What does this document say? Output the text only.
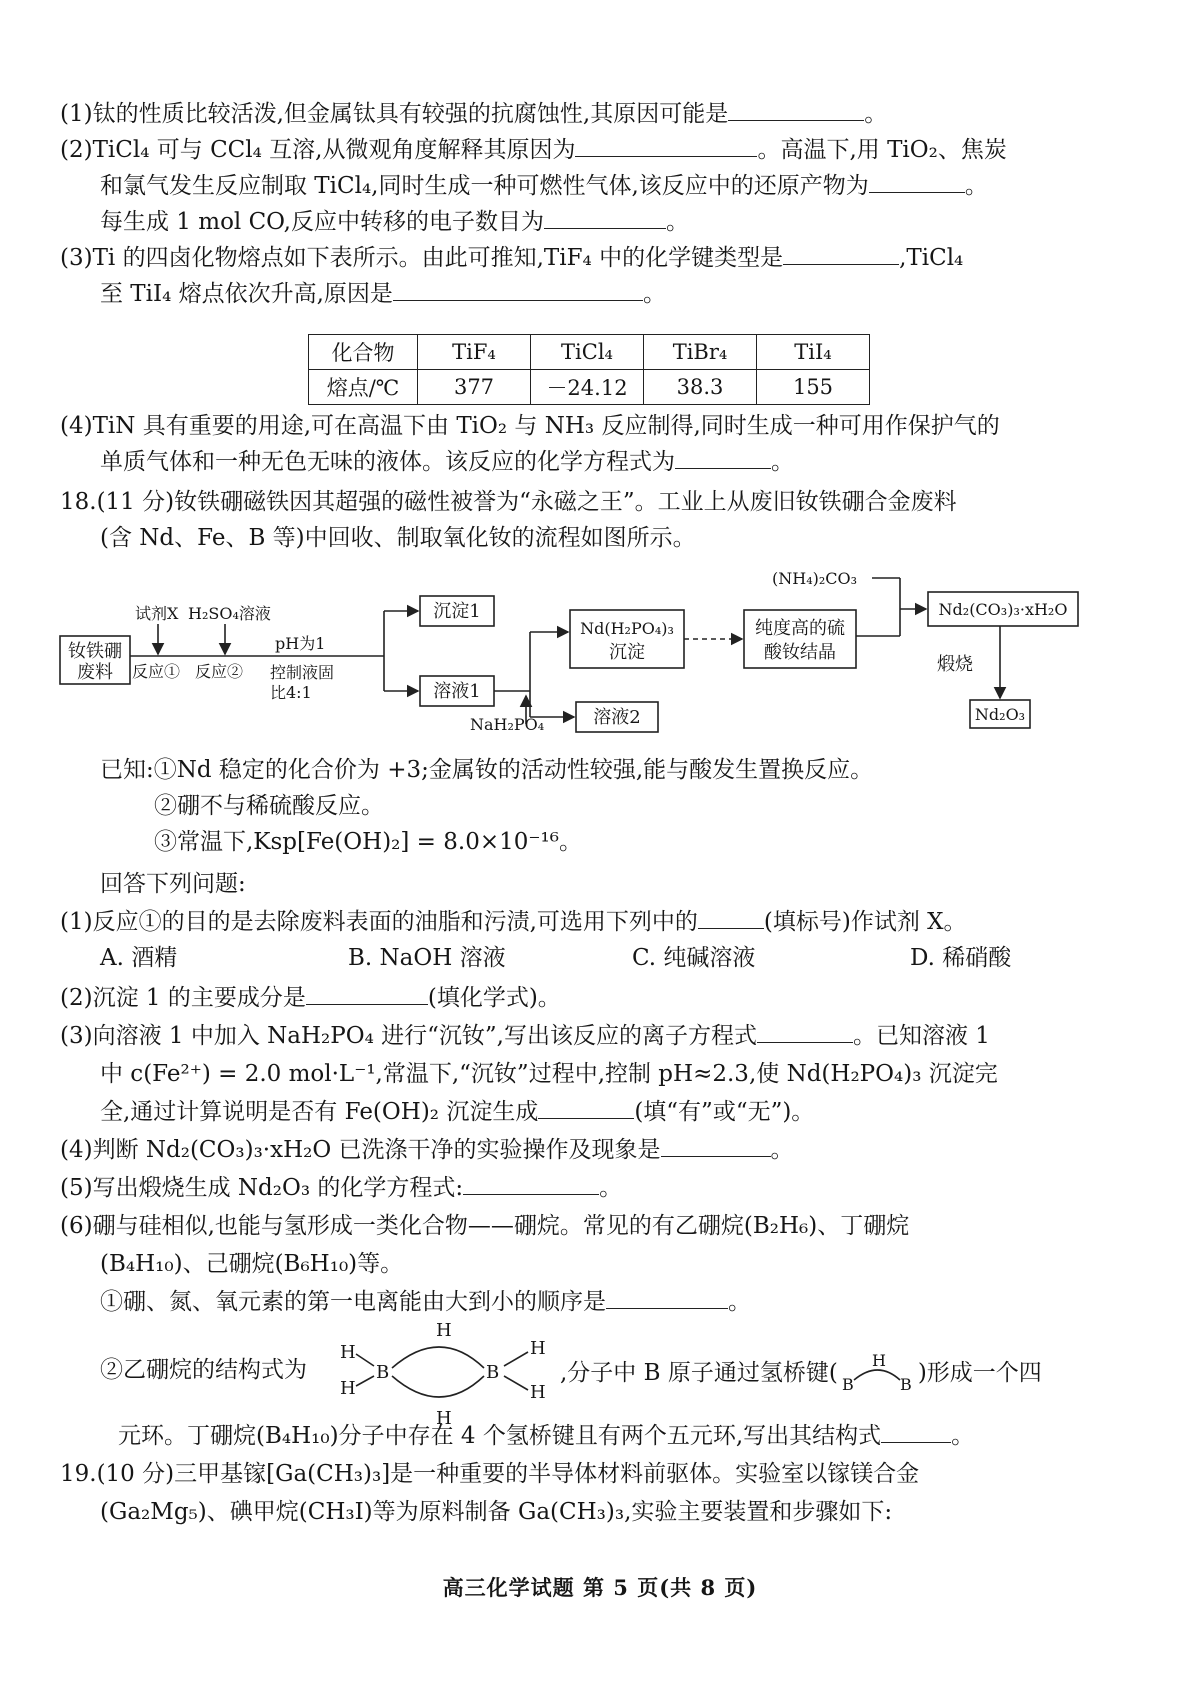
(1)钛的性质比较活泼,但金属钛具有较强的抗腐蚀性,其原因可能是	。
(2)TiCl₄ 可与 CCl₄ 互溶,从微观角度解释其原因为	。高温下,用 TiO₂、焦炭
和氯气发生反应制取 TiCl₄,同时生成一种可燃性气体,该反应中的还原产物为	。
每生成 1 mol CO,反应中转移的电子数目为	。
(3)Ti 的四卤化物熔点如下表所示。由此可推知,TiF₄ 中的化学键类型是	,TiCl₄
至 TiI₄ 熔点依次升高,原因是	。
化合物	TiF₄	TiCl₄	TiBr₄	TiI₄
熔点/℃	377	－24.12	38.3	155
(4)TiN 具有重要的用途,可在高温下由 TiO₂ 与 NH₃ 反应制得,同时生成一种可用作保护气的
单质气体和一种无色无味的液体。该反应的化学方程式为	。
18.(11 分)钕铁硼磁铁因其超强的磁性被誉为“永磁之王”。工业上从废旧钕铁硼合金废料
(含 Nd、Fe、B 等)中回收、制取氧化钕的流程如图所示。
钕铁硼
废料
试剂X H₂SO₄溶液
反应① 反应②
pH为1
控制液固
比4:1
沉淀1
溶液1
NaH₂PO₄
Nd(H₂PO₄)₃
沉淀
溶液2
纯度高的硫
酸钕结晶
(NH₄)₂CO₃
Nd₂(CO₃)₃·xH₂O
煅烧
Nd₂O₃
已知:①Nd 稳定的化合价为 +3;金属钕的活动性较强,能与酸发生置换反应。
②硼不与稀硫酸反应。
③常温下,Ksp[Fe(OH)₂] = 8.0×10⁻¹⁶。
回答下列问题:
(1)反应①的目的是去除废料表面的油脂和污渍,可选用下列中的	(填标号)作试剂 X。
A. 酒精	B. NaOH 溶液	C. 纯碱溶液	D. 稀硝酸
(2)沉淀 1 的主要成分是	(填化学式)。
(3)向溶液 1 中加入 NaH₂PO₄ 进行“沉钕”,写出该反应的离子方程式	。已知溶液 1
中 c(Fe²⁺) = 2.0 mol·L⁻¹,常温下,“沉钕”过程中,控制 pH≈2.3,使 Nd(H₂PO₄)₃ 沉淀完
全,通过计算说明是否有 Fe(OH)₂ 沉淀生成	(填“有”或“无”)。
(4)判断 Nd₂(CO₃)₃·xH₂O 已洗涤干净的实验操作及现象是	。
(5)写出煅烧生成 Nd₂O₃ 的化学方程式:	。
(6)硼与硅相似,也能与氢形成一类化合物——硼烷。常见的有乙硼烷(B₂H₆)、丁硼烷
(B₄H₁₀)、己硼烷(B₆H₁₀)等。
①硼、氮、氧元素的第一电离能由大到小的顺序是	。
②乙硼烷的结构式为
H
H
B
H
H
B
H
H
,分子中 B 原子通过氢桥键( H
B	B )形成一个四
元环。丁硼烷(B₄H₁₀)分子中存在 4 个氢桥键且有两个五元环,写出其结构式	。
19.(10 分)三甲基镓[Ga(CH₃)₃]是一种重要的半导体材料前驱体。实验室以镓镁合金
(Ga₂Mg₅)、碘甲烷(CH₃I)等为原料制备 Ga(CH₃)₃,实验主要装置和步骤如下:
高三化学试题 第 5 页(共 8 页)
